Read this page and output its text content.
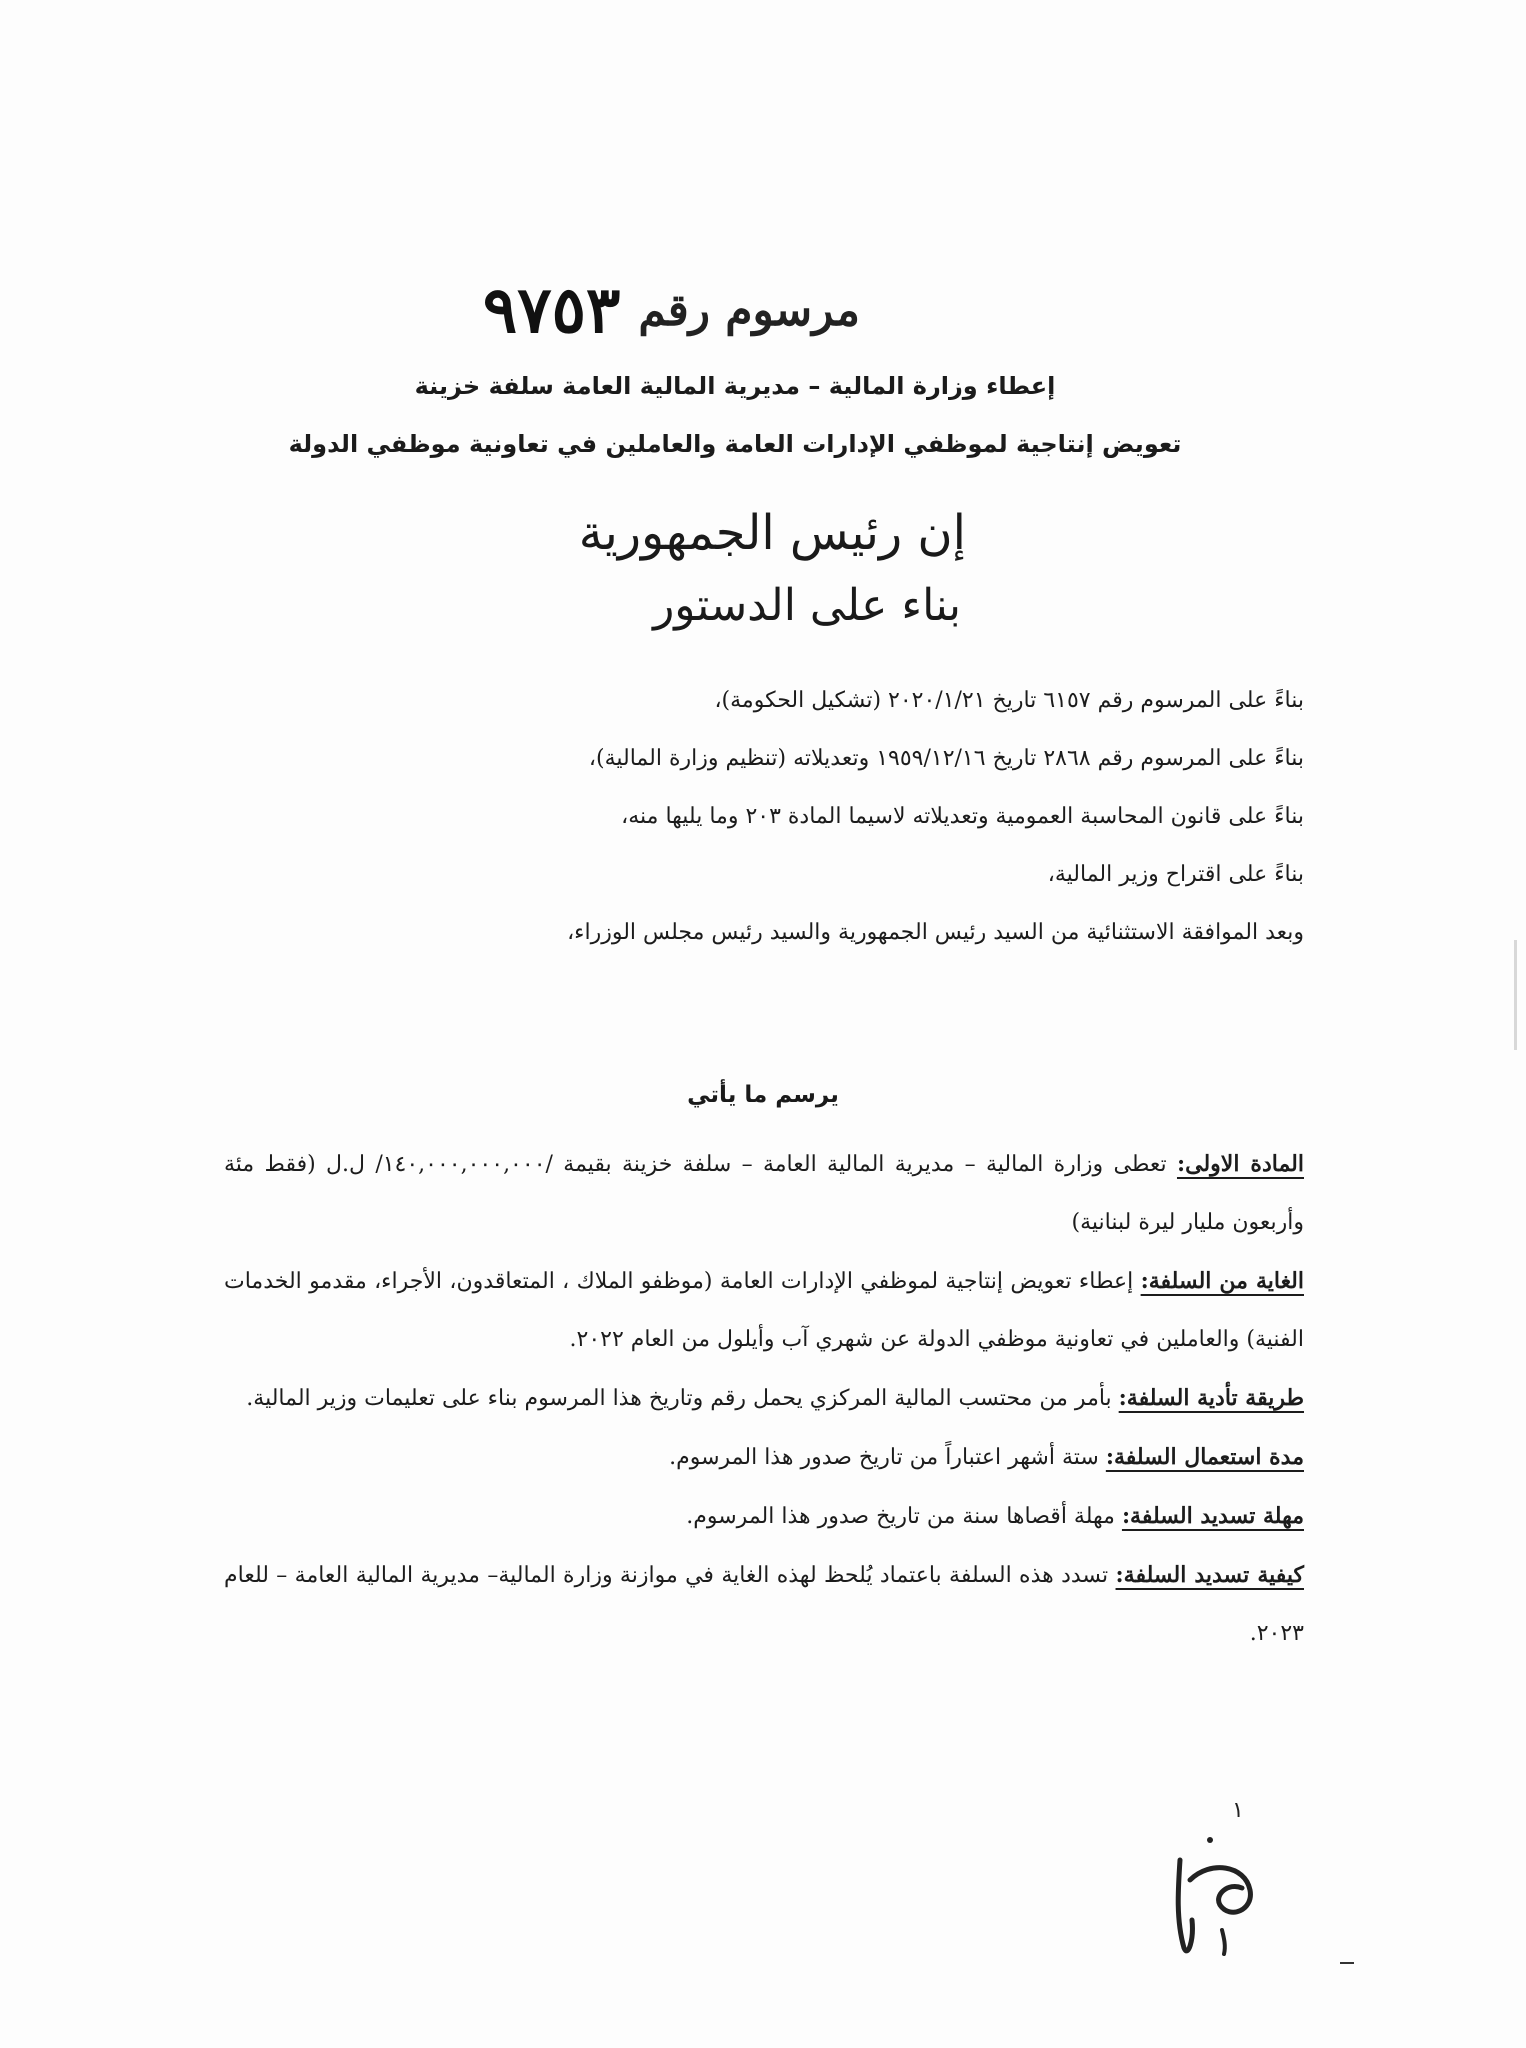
مرسوم رقم
٩٧٥٣
إعطاء وزارة المالية – مديرية المالية العامة سلفة خزينة
تعويض إنتاجية لموظفي الإدارات العامة والعاملين في تعاونية موظفي الدولة
إن رئيس الجمهورية
بناء على الدستور
بناءً على المرسوم رقم ٦١٥٧ تاريخ ٢٠٢٠/١/٢١ (تشكيل الحكومة)،
بناءً على المرسوم رقم ٢٨٦٨ تاريخ ١٩٥٩/١٢/١٦ وتعديلاته (تنظيم وزارة المالية)،
بناءً على قانون المحاسبة العمومية وتعديلاته لاسيما المادة ٢٠٣ وما يليها منه،
بناءً على اقتراح وزير المالية،
وبعد الموافقة الاستثنائية من السيد رئيس الجمهورية والسيد رئيس مجلس الوزراء،
يرسم ما يأتي

المادة الاولى: تعطى وزارة المالية – مديرية المالية العامة – سلفة خزينة بقيمة /١٤٠,٠٠٠,٠٠٠,٠٠٠/ ل.ل (فقط مئة وأربعون مليار ليرة لبنانية)

الغاية من السلفة: إعطاء تعويض إنتاجية لموظفي الإدارات العامة (موظفو الملاك ، المتعاقدون، الأجراء، مقدمو الخدمات الفنية) والعاملين في تعاونية موظفي الدولة عن شهري آب وأيلول من العام ٢٠٢٢.

طريقة تأدية السلفة: بأمر من محتسب المالية المركزي يحمل رقم وتاريخ هذا المرسوم بناء على تعليمات وزير المالية.

مدة استعمال السلفة: ستة أشهر اعتباراً من تاريخ صدور هذا المرسوم.

مهلة تسديد السلفة: مهلة أقصاها سنة من تاريخ صدور هذا المرسوم.

كيفية تسديد السلفة: تسدد هذه السلفة باعتماد يُلحظ لهذه الغاية في موازنة وزارة المالية– مديرية المالية العامة – للعام ٢٠٢٣.

١
